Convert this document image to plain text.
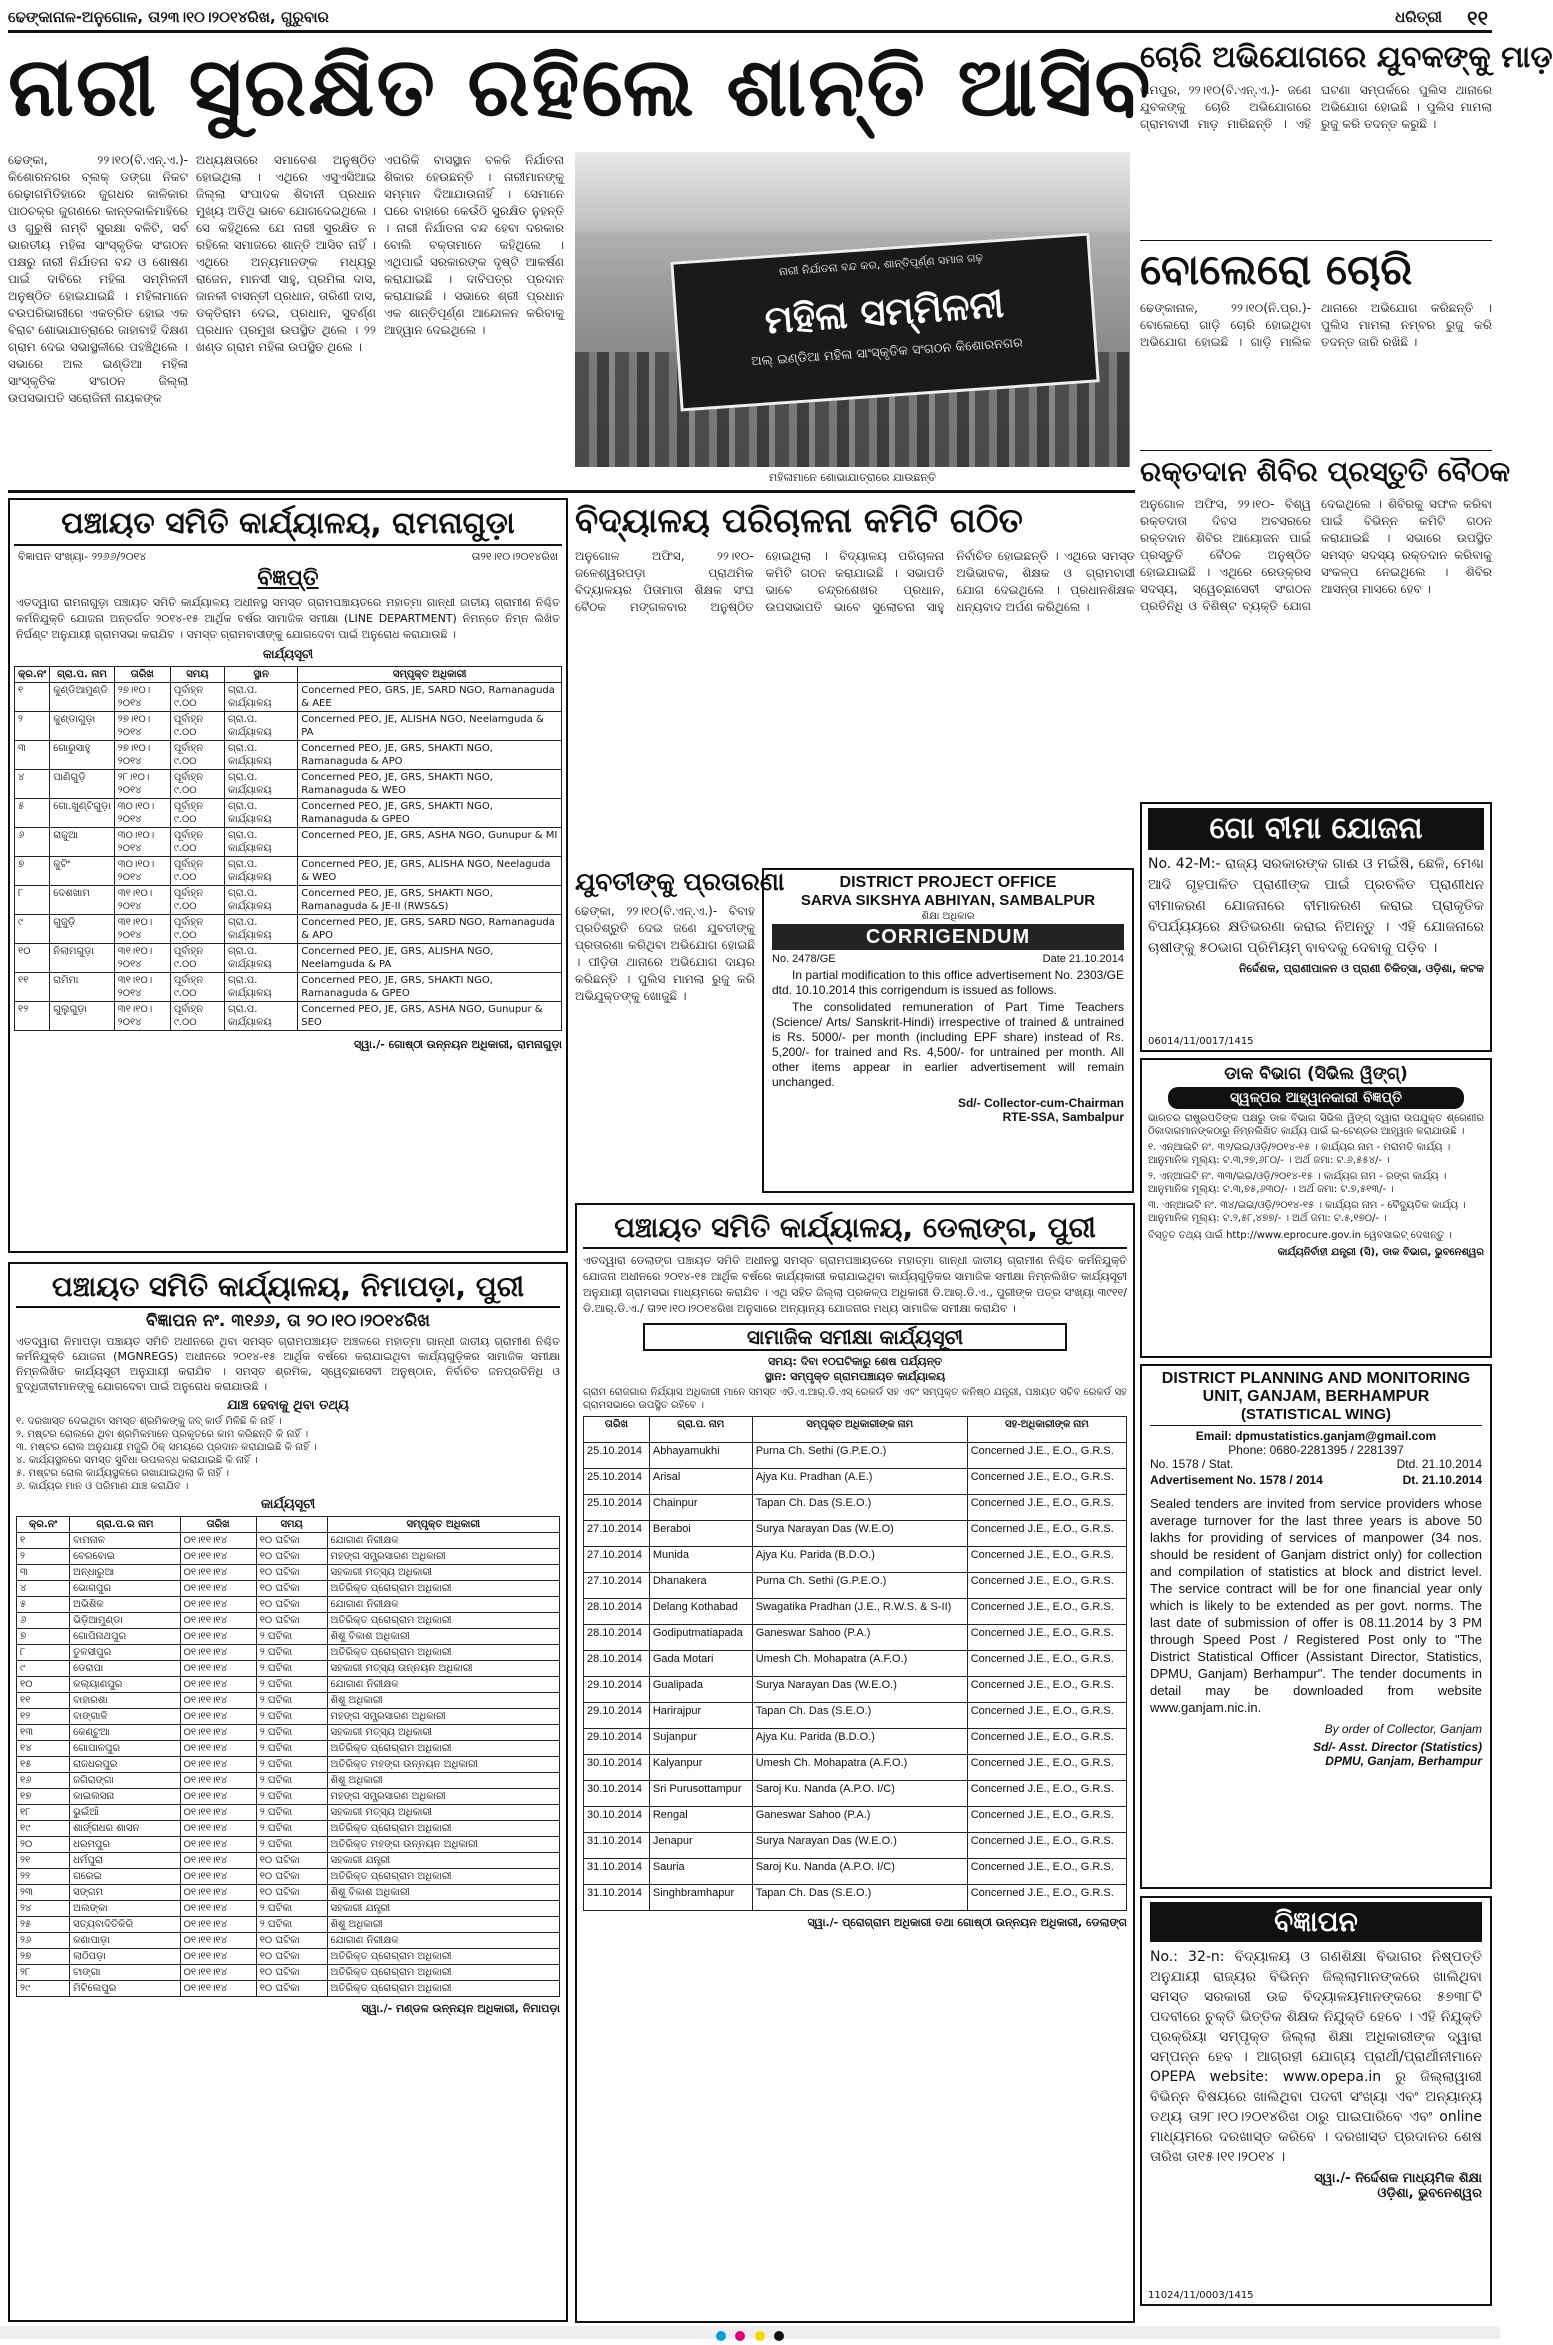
ଢେଙ୍କାନାଳ-ଅନୁଗୋଳ, ତା୨୩।୧୦।୨୦୧୪ରିଖ, ଗୁରୁବାର	ଧରିତ୍ରୀ ୧୧
ନାରୀ ସୁରକ୍ଷିତ ରହିଲେ ଶାନ୍ତି ଆସିବ
ଢେଙ୍କା, ୨୨।୧୦(ବି.ଏନ୍.ଏ.)- କିଶୋରନଗର ବ୍ଲକ୍ ଡଙ୍ଗା ନିକଟ ରେଢ଼ାଗମିତିହାରେ ଜୁଗଧର କାଳିକାର ପାଠଚକ୍ର ଜୁଗଣରେ କାନ୍ତକାକିମାହିରେ ଓ ଗୁରୁଷି ନାମ୍ବି ସୁରକ୍ଷା ବଳିଟି, ସର୍ବ ଭାରତୀୟ ମହିଳା ସାଂସ୍କୃତିକ ସଂଗଠନ ପକ୍ଷରୁ ନାରୀ ନିର୍ଯାତନା ବନ୍ଦ ଓ ଶୋଷଣ ପାଇଁ ଦାବିରେ ମହିଳା ସମ୍ମିଳନୀ ଅନୁଷ୍ଠିତ ହୋଇଯାଇଛି । ମହିଳାମାନେ ବଉପରିଭାରୀରେ ଏକତ୍ରିତ ହୋଇ ଏକ ବିରାଟ ଶୋଭାଯାତ୍ରାରେ ଜାହାବାହି ଦିକ୍ଷଣ ଗ୍ରାମ ଦେଇ ସଭାସ୍ଥଳୀରେ ପହଞ୍ଚିଥିଲେ । ସଭାରେ ଅଲ ଇଣ୍ଡିଆ ମହିଳା ସାଂସ୍କୃତିକ ସଂଗଠନ ଜିଲ୍ଲା ଉପସଭାପତି ସରୋଜିନୀ ନାୟକଙ୍କ
ଅଧ୍ୟକ୍ଷତାରେ ସମାବେଶ ଅନୁଷ୍ଠିତ ହୋଇଥିଲା । ଏଥିରେ ଏସୁଏସିଆଇ ଜିଲ୍ଲା ସଂପାଦକ ଶିବାନୀ ପ୍ରଧାନ ମୁଖ୍ୟ ଅତିଥି ଭାବେ ଯୋଗଦେଇଥିଲେ । ସେ କହିଥିଲେ ଯେ ନାରୀ ସୁରକ୍ଷିତ ନ ରହିଲେ ସମାଜରେ ଶାନ୍ତି ଆସିବ ନାହିଁ । ଏଥିରେ ଅନ୍ୟମାନଙ୍କ ମଧ୍ୟରୁ ରାଜେନ, ମାନସୀ ସାହୁ, ପ୍ରମିଳା ଦାସ, ଜାନକୀ ବାସନ୍ତୀ ପ୍ରଧାନ, ତାରିଣୀ ଦାସ, ଡକ୍ତିରାମ ଦେଇ, ପ୍ରଧାନ, ସୁବର୍ଣ୍ଣ ପ୍ରଧାନ ପ୍ରମୁଖ ଉପସ୍ଥିତ ଥିଲେ । ୨୨ ଖଣ୍ଡ ଗ୍ରାମ ମହିଳା ଉପସ୍ଥିତ ଥିଲେ ।
ଏପରିକି ବାସସ୍ଥାନ ବଳକି ନିର୍ଯାତନା ଶିକାର ହେଉଛନ୍ତି । ନାରୀମାନଙ୍କୁ ସମ୍ମାନ ଦିଆଯାଉନାହିଁ । ସେମାନେ ଘରେ ବାହାରେ କେଉଁଠି ସୁରକ୍ଷିତ ନୁହନ୍ତି । ନାରୀ ନିର୍ଯାତନା ବନ୍ଦ ହେବା ଦରକାର ବୋଲି ବକ୍ତାମାନେ କହିଥିଲେ । ଏଥିପାଇଁ ସରକାରଙ୍କ ଦୃଷ୍ଟି ଆକର୍ଷଣ କରାଯାଇଛି । ଦାବିପତ୍ର ପ୍ରଦାନ କରାଯାଇଛି । ସଭାରେ ଶ୍ରୀ ପ୍ରଧାନ ଏକ ଶାନ୍ତିପୂର୍ଣ୍ଣ ଆନ୍ଦୋଳନ କରିବାକୁ ଆହ୍ୱାନ ଦେଇଥିଲେ ।
ନାରୀ ନିର୍ଯାତନା ବନ୍ଦ କର, ଶାନ୍ତିପୂର୍ଣ୍ଣ ସମାଜ ଗଢ଼
ମହିଳା ସମ୍ମିଳନୀ
ଅଲ୍ ଇଣ୍ଡିଆ ମହିଳା ସାଂସ୍କୃତିକ ସଂଗଠନ କିଶୋରନଗର
ମହିଳାମାନେ ଶୋଭାଯାତ୍ରାରେ ଯାଉଛନ୍ତି
ଚୋରି ଅଭିଯୋଗରେ ଯୁବକଙ୍କୁ ମାଡ଼
ରାମପୁର, ୨୨।୧୦(ବି.ଏନ୍.ଏ.)- ଜଣେ ଯୁବକଙ୍କୁ ଚୋରି ଅଭିଯୋଗରେ ଗ୍ରାମବାସୀ ମାଡ଼ ମାରିଛନ୍ତି । ଏହି ଘଟଣା ସମ୍ପର୍କରେ ପୁଲିସ ଥାନାରେ ଅଭିଯୋଗ ହୋଇଛି । ପୁଲିସ ମାମଲା ରୁଜୁ କରି ତଦନ୍ତ କରୁଛି ।
ବୋଲେରୋ ଚୋରି
ଢେଙ୍କାନାଳ, ୨୨।୧୦(ନି.ପ୍ର.)- ବୋଲେରୋ ଗାଡ଼ି ଚୋରି ହୋଇଥିବା ଅଭିଯୋଗ ହୋଇଛି । ଗାଡ଼ି ମାଲିକ ଥାନାରେ ଅଭିଯୋଗ କରିଛନ୍ତି । ପୁଲିସ ମାମଲା ନମ୍ବର ରୁଜୁ କରି ତଦନ୍ତ ଜାରି ରଖିଛି ।
ରକ୍ତଦାନ ଶିବିର ପ୍ରସ୍ତୁତି ବୈଠକ
ଅନୁଗୋଳ ଅଫିସ, ୨୨।୧୦- ବିଶ୍ୱ ରକ୍ତଦାତା ଦିବସ ଅବସରରେ ରକ୍ତଦାନ ଶିବିର ଆୟୋଜନ ପାଇଁ ପ୍ରସ୍ତୁତି ବୈଠକ ଅନୁଷ୍ଠିତ ହୋଇଯାଇଛି । ଏଥିରେ ରେଡ୍‌କ୍ରସ ସଦସ୍ୟ, ସ୍ୱେଚ୍ଛାସେବୀ ସଂଗଠନ ପ୍ରତିନିଧି ଓ ବିଶିଷ୍ଟ ବ୍ୟକ୍ତି ଯୋଗ ଦେଇଥିଲେ । ଶିବିରକୁ ସଫଳ କରିବା ପାଇଁ ବିଭିନ୍ନ କମିଟି ଗଠନ କରାଯାଇଛି । ସଭାରେ ଉପସ୍ଥିତ ସମସ୍ତ ସଦସ୍ୟ ରକ୍ତଦାନ କରିବାକୁ ସଂକଳ୍ପ ନେଇଥିଲେ । ଶିବିର ଆସନ୍ତା ମାସରେ ହେବ ।
ପଞ୍ଚାୟତ ସମିତି କାର୍ଯ୍ୟାଳୟ, ରାମନାଗୁଡ଼ା
ବିଜ୍ଞାପନ ସଂଖ୍ୟା- ୨୨୬୬/୨୦୧୪	ତା୨୧।୧୦।୨୦୧୪ରିଖ
ବିଜ୍ଞପ୍ତି
ଏତଦ୍ୱାରା ରାମନାଗୁଡ଼ା ପଞ୍ଚାୟତ ସମିତି କାର୍ଯ୍ୟାଳୟ ଅଧୀନସ୍ଥ ସମସ୍ତ ଗ୍ରାମପଞ୍ଚାୟତରେ ମହାତ୍ମା ଗାନ୍ଧୀ ଜାତୀୟ ଗ୍ରାମୀଣ ନିଶ୍ଚିତ କର୍ମନିଯୁକ୍ତି ଯୋଜନା ଅନ୍ତର୍ଗତ ୨୦୧୪-୧୫ ଆର୍ଥିକ ବର୍ଷର ସାମାଜିକ ସମୀକ୍ଷା (LINE DEPARTMENT) ନିମନ୍ତେ ନିମ୍ନ ଲିଖିତ ନିର୍ଘଣ୍ଟ ଅନୁଯାୟୀ ଗ୍ରାମସଭା କରାଯିବ । ସମସ୍ତ ଗ୍ରାମବାସୀଙ୍କୁ ଯୋଗଦେବା ପାଇଁ ଅନୁରୋଧ କରାଯାଉଛି ।
କାର୍ଯ୍ୟସୂଚୀ
କ୍ର.ନଂ	ଗ୍ରା.ପ. ନାମ	ତାରିଖ	ସମୟ	ସ୍ଥାନ	ସମ୍ପୃକ୍ତ ଅଧିକାରୀ
୧	କୁଣ୍ଡିଆମୁଣ୍ଡି	୨୭।୧୦।୨୦୧୪	ପୂର୍ବାହ୍ନ ୯.୦୦	ଗ୍ରା.ପ. କାର୍ଯ୍ୟାଳୟ	Concerned PEO, GRS, JE, SARD NGO, Ramanaguda & AEE
୨	କୁଣ୍ଡାଗୁଡ଼ା	୨୭।୧୦।୨୦୧୪	ପୂର୍ବାହ୍ନ ୯.୦୦	ଗ୍ରା.ପ. କାର୍ଯ୍ୟାଳୟ	Concerned PEO, JE, ALISHA NGO, Neelamguda & PA
୩	ଗୋରୁସାହୁ	୨୭।୧୦।୨୦୧୪	ପୂର୍ବାହ୍ନ ୯.୦୦	ଗ୍ରା.ପ. କାର୍ଯ୍ୟାଳୟ	Concerned PEO, JE, GRS, SHAKTI NGO, Ramanaguda & APO
୪	ପାଣିଗୁଡ଼ି	୨୮।୧୦।୨୦୧୪	ପୂର୍ବାହ୍ନ ୯.୦୦	ଗ୍ରା.ପ. କାର୍ଯ୍ୟାଳୟ	Concerned PEO, JE, GRS, SHAKTI NGO, Ramanaguda & WEO
୫	ଗୋ.ଖୁଣ୍ଟିଗୁଡ଼ା	୩୦।୧୦।୨୦୧୪	ପୂର୍ବାହ୍ନ ୯.୦୦	ଗ୍ରା.ପ. କାର୍ଯ୍ୟାଳୟ	Concerned PEO, JE, GRS, SHAKTI NGO, Ramanaguda & GPEO
୬	ରାଜୁଆ	୩୦।୧୦।୨୦୧୪	ପୂର୍ବାହ୍ନ ୯.୦୦	ଗ୍ରା.ପ. କାର୍ଯ୍ୟାଳୟ	Concerned PEO, JE, GRS, ASHA NGO, Gunupur & MI
୭	କୁଟିଂ	୩୦।୧୦।୨୦୧୪	ପୂର୍ବାହ୍ନ ୯.୦୦	ଗ୍ରା.ପ. କାର୍ଯ୍ୟାଳୟ	Concerned PEO, JE, GRS, ALISHA NGO, Neelaguda & WEO
୮	ଦେଶଖାମ	୩୧।୧୦।୨୦୧୪	ପୂର୍ବାହ୍ନ ୯.୦୦	ଗ୍ରା.ପ. କାର୍ଯ୍ୟାଳୟ	Concerned PEO, JE, GRS, SHAKTI NGO, Ramanaguda & JE-II (RWS&S)
୯	ଗୁଜୁଡ଼ି	୩୧।୧୦।୨୦୧୪	ପୂର୍ବାହ୍ନ ୯.୦୦	ଗ୍ରା.ପ. କାର୍ଯ୍ୟାଳୟ	Concerned PEO, JE, GRS, SARD NGO, Ramanaguda & APO
୧୦	ନିଲାମଗୁଡ଼ା	୩୧।୧୦।୨୦୧୪	ପୂର୍ବାହ୍ନ ୯.୦୦	ଗ୍ରା.ପ. କାର୍ଯ୍ୟାଳୟ	Concerned PEO, JE, GRS, ALISHA NGO, Neelamguda & PA
୧୧	ରାମିମା	୩୧।୧୦।୨୦୧୪	ପୂର୍ବାହ୍ନ ୯.୦୦	ଗ୍ରା.ପ. କାର୍ଯ୍ୟାଳୟ	Concerned PEO, JE, GRS, SHAKTI NGO, Ramanaguda & GPEO
୧୨	ଗୁଲୁଗୁଡ଼ା	୩୧।୧୦।୨୦୧୪	ପୂର୍ବାହ୍ନ ୯.୦୦	ଗ୍ରା.ପ. କାର୍ଯ୍ୟାଳୟ	Concerned PEO, JE, GRS, ASHA NGO, Gunupur & SEO
ସ୍ୱା./- ଗୋଷ୍ଠୀ ଉନ୍ନୟନ ଅଧିକାରୀ, ରାମନାଗୁଡ଼ା
ବିଦ୍ୟାଳୟ ପରିଚାଳନା କମିଟି ଗଠିତ
ଅନୁଗୋଳ ଅଫିସ, ୨୨।୧୦- ଜଳେଶ୍ୱରପଡ଼ା ପ୍ରାଥମିକ ବିଦ୍ୟାଳୟର ପିତାମାତା ଶିକ୍ଷକ ସଂଘ ବୈଠକ ମଙ୍ଗଳବାର ଅନୁଷ୍ଠିତ ହୋଇଥିଲା । ବିଦ୍ୟାଳୟ ପରିଚାଳନା କମିଟି ଗଠନ କରାଯାଇଛି । ସଭାପତି ଭାବେ ଚନ୍ଦ୍ରଶେଖର ପ୍ରଧାନ, ଉପସଭାପତି ଭାବେ ସୁଲୋଚନା ସାହୁ ନିର୍ବାଚିତ ହୋଇଛନ୍ତି । ଏଥିରେ ସମସ୍ତ ଅଭିଭାବକ, ଶିକ୍ଷକ ଓ ଗ୍ରାମବାସୀ ଯୋଗ ଦେଇଥିଲେ । ପ୍ରଧାନଶିକ୍ଷକ ଧନ୍ୟବାଦ ଅର୍ପଣ କରିଥିଲେ ।
ଯୁବତୀଙ୍କୁ ପ୍ରତାରଣା
ଢେଙ୍କା, ୨୨।୧୦(ବି.ଏନ୍.ଏ.)- ବିବାହ ପ୍ରତିଶ୍ରୁତି ଦେଇ ଜଣେ ଯୁବତୀଙ୍କୁ ପ୍ରତାରଣା କରିଥିବା ଅଭିଯୋଗ ହୋଇଛି । ପୀଡ଼ିତା ଥାନାରେ ଅଭିଯୋଗ ଦାୟର କରିଛନ୍ତି । ପୁଲିସ ମାମଲା ରୁଜୁ କରି ଅଭିଯୁକ୍ତଙ୍କୁ ଖୋଜୁଛି ।
DISTRICT PROJECT OFFICE
SARVA SIKSHYA ABHIYAN, SAMBALPUR
ଶିକ୍ଷା ଅଧିକାର
CORRIGENDUM
No. 2478/GE	Date 21.10.2014
In partial modification to this office advertisement No. 2303/GE dtd. 10.10.2014 this corrigendum is issued as follows.
The consolidated remuneration of Part Time Teachers (Science/ Arts/ Sanskrit-Hindi) irrespective of trained & untrained is Rs. 5000/- per month (including EPF share) instead of Rs. 5,200/- for trained and Rs. 4,500/- for untrained per month. All other items appear in earlier advertisement will remain unchanged.
Sd/- Collector-cum-Chairman
RTE-SSA, Sambalpur
ଗୋ ବୀମା ଯୋଜନା
No. 42-M:- ରାଜ୍ୟ ସରକାରଙ୍କ ଗାଈ ଓ ମଇଁଷି, ଛେଳି, ମେଣ୍ଢା ଆଦି ଗୃହପାଳିତ ପ୍ରାଣୀଙ୍କ ପାଇଁ ପ୍ରଚଳିତ ପ୍ରାଣୀଧନ ବୀମାକରଣ ଯୋଜନାରେ ବୀମାକରଣ କରାଇ ପ୍ରାକୃତିକ ବିପର୍ଯ୍ୟୟରେ କ୍ଷତିଭରଣା କରାଇ ନିଅନ୍ତୁ । ଏହି ଯୋଜନାରେ ଚାଷୀଙ୍କୁ ୫୦ଭାଗ ପ୍ରିମିୟମ୍ ବାବଦକୁ ଦେବାକୁ ପଡ଼ିବ ।
ନିର୍ଦ୍ଦେଶକ, ପ୍ରାଣୀପାଳନ ଓ ପ୍ରାଣୀ ଚିକିତ୍ସା, ଓଡ଼ିଶା, କଟକ
06014/11/0017/1415
ଡାକ ବିଭାଗ (ସିଭିଲ ୱିଙ୍ଗ୍)
ସ୍ୱଳ୍ପର ଆହ୍ୱାନକାରୀ ବିଜ୍ଞପ୍ତି
ଭାରତର ରାଷ୍ଟ୍ରପତିଙ୍କ ପକ୍ଷରୁ ଡାକ ବିଭାଗ ସିଭିଲ ୱିଙ୍ଗ୍ ଦ୍ୱାରା ଉପଯୁକ୍ତ ଶ୍ରେଣୀର ଠିକାଦାରମାନଙ୍କଠାରୁ ନିମ୍ନଲିଖିତ କାର୍ଯ୍ୟ ପାଇଁ ଇ-ଟେଣ୍ଡର ଆହ୍ୱାନ କରାଯାଉଛି ।
୧. ଏନ୍‌ଆଇଟି ନଂ. ୩୨/ଇଇ/ଓଡ଼ି/୨୦୧୪-୧୫ । କାର୍ଯ୍ୟର ନାମ - ମରାମତି କାର୍ଯ୍ୟ । ଆନୁମାନିକ ମୂଲ୍ୟ: ଟ.୩,୨୭,୬୮୦/- । ଅର୍ଥ ଜମା: ଟ.୬,୫୫୪/- ।
୨. ଏନ୍‌ଆଇଟି ନଂ. ୩୩/ଇଇ/ଓଡ଼ି/୨୦୧୪-୧୫ । କାର୍ଯ୍ୟର ନାମ - ରଙ୍ଗ କାର୍ଯ୍ୟ । ଆନୁମାନିକ ମୂଲ୍ୟ: ଟ.୩,୭୫,୬୩୦/- । ଅର୍ଥ ଜମା: ଟ.୭,୫୧୩/- ।
୩. ଏନ୍‌ଆଇଟି ନଂ. ୩୪/ଇଇ/ଓଡ଼ି/୨୦୧୪-୧୫ । କାର୍ଯ୍ୟର ନାମ - ବୈଦ୍ୟୁତିକ କାର୍ଯ୍ୟ । ଆନୁମାନିକ ମୂଲ୍ୟ: ଟ.୨,୫୮,୪୭୭/- । ଅର୍ଥ ଜମା: ଟ.୫,୧୭୦/- ।
ବିସ୍ତୃତ ତଥ୍ୟ ପାଇଁ http://www.eprocure.gov.in ୱେବସାଇଟ୍ ଦେଖନ୍ତୁ ।
କାର୍ଯ୍ୟନିର୍ବାହୀ ଯନ୍ତ୍ରୀ (ସି), ଡାକ ବିଭାଗ, ଭୁବନେଶ୍ୱର
DISTRICT PLANNING AND MONITORING
UNIT, GANJAM, BERHAMPUR
(STATISTICAL WING)
Email: dpmustatistics.ganjam@gmail.com
Phone: 0680-2281395 / 2281397
No. 1578 / Stat.	Dtd. 21.10.2014
Advertisement No. 1578 / 2014	Dt. 21.10.2014
Sealed tenders are invited from service providers whose average turnover for the last three years is above 50 lakhs for providing of services of manpower (34 nos. should be resident of Ganjam district only) for collection and compilation of statistics at block and district level. The service contract will be for one financial year only which is likely to be extended as per govt. norms. The last date of submission of offer is 08.11.2014 by 3 PM through Speed Post / Registered Post only to "The District Statistical Officer (Assistant Director, Statistics, DPMU, Ganjam) Berhampur". The tender documents in detail may be downloaded from website www.ganjam.nic.in.
By order of Collector, Ganjam
Sd/- Asst. Director (Statistics)
DPMU, Ganjam, Berhampur
ବିଜ୍ଞାପନ
No.: 32-n: ବିଦ୍ୟାଳୟ ଓ ଗଣଶିକ୍ଷା ବିଭାଗର ନିଷ୍ପତ୍ତି ଅନୁଯାୟୀ ରାଜ୍ୟର ବିଭିନ୍ନ ଜିଲ୍ଲାମାନଙ୍କରେ ଖାଲିଥିବା ସମସ୍ତ ସରକାରୀ ଉଚ୍ଚ ବିଦ୍ୟାଳୟମାନଙ୍କରେ ୫୭୩୮ଟି ପଦବୀରେ ଚୁକ୍ତି ଭିତ୍ତିକ ଶିକ୍ଷକ ନିଯୁକ୍ତି ହେବେ । ଏହି ନିଯୁକ୍ତି ପ୍ରକ୍ରିୟା ସମ୍ପୃକ୍ତ ଜିଲ୍ଲା ଶିକ୍ଷା ଅଧିକାରୀଙ୍କ ଦ୍ୱାରା ସମ୍ପନ୍ନ ହେବ । ଆଗ୍ରହୀ ଯୋଗ୍ୟ ପ୍ରାର୍ଥୀ/ପ୍ରାର୍ଥୀନୀମାନେ OPEPA website: www.opepa.in ରୁ ଜିଲ୍ଲାୱାରୀ ବିଭିନ୍ନ ବିଷୟରେ ଖାଲିଥିବା ପଦବୀ ସଂଖ୍ୟା ଏବଂ ଅନ୍ୟାନ୍ୟ ତଥ୍ୟ ତା୨୮।୧୦।୨୦୧୪ରିଖ ଠାରୁ ପାଇପାରିବେ ଏବଂ online ମାଧ୍ୟମରେ ଦରଖାସ୍ତ କରିବେ । ଦରଖାସ୍ତ ପ୍ରଦାନର ଶେଷ ତାରିଖ ତା୧୫।୧୧।୨୦୧୪ ।
ସ୍ୱା./- ନିର୍ଦ୍ଦେଶକ ମାଧ୍ୟମିକ ଶିକ୍ଷା
ଓଡ଼ିଶା, ଭୁବନେଶ୍ୱର
11024/11/0003/1415
ପଞ୍ଚାୟତ ସମିତି କାର୍ଯ୍ୟାଳୟ, ନିମାପଡ଼ା, ପୁରୀ
ବିଜ୍ଞାପନ ନଂ. ୩୧୬୬, ତା ୨୦।୧୦।୨୦୧୪ରିଖ
ଏତଦ୍ୱାରା ନିମାପଡ଼ା ପଞ୍ଚାୟତ ସମିତି ଅଧୀନରେ ଥିବା ସମସ୍ତ ଗ୍ରାମପଞ୍ଚାୟତ ଅଞ୍ଚଳରେ ମହାତ୍ମା ଗାନ୍ଧୀ ଜାତୀୟ ଗ୍ରାମୀଣ ନିଶ୍ଚିତ କର୍ମନିଯୁକ୍ତି ଯୋଜନା (MGNREGS) ଅଧୀନରେ ୨୦୧୪-୧୫ ଆର୍ଥିକ ବର୍ଷରେ କରାଯାଇଥିବା କାର୍ଯ୍ୟଗୁଡ଼ିକର ସାମାଜିକ ସମୀକ୍ଷା ନିମ୍ନଲିଖିତ କାର୍ଯ୍ୟସୂଚୀ ଅନୁଯାୟୀ କରାଯିବ । ସମସ୍ତ ଶ୍ରମିକ, ସ୍ୱେଚ୍ଛାସେବୀ ଅନୁଷ୍ଠାନ, ନିର୍ବାଚିତ ଜନପ୍ରତିନିଧି ଓ ବୁଦ୍ଧିଜୀବୀମାନଙ୍କୁ ଯୋଗଦେବା ପାଇଁ ଅନୁରୋଧ କରାଯାଉଛି ।
ଯାଞ୍ଚ ହେବାକୁ ଥିବା ତଥ୍ୟ
୧. ଦରଖାସ୍ତ ଦେଇଥିବା ସମସ୍ତ ଶ୍ରମିକଙ୍କୁ ଜବ୍ କାର୍ଡ ମିଳିଛି କି ନାହିଁ ।
୨. ମଷ୍ଟର ରୋଲରେ ଥିବା ଶ୍ରମିକମାନେ ପ୍ରକୃତରେ କାମ କରିଛନ୍ତି କି ନାହିଁ ।
୩. ମଷ୍ଟର ରୋଲ ଅନୁଯାୟୀ ମଜୁରି ଠିକ୍ ସମୟରେ ପ୍ରଦାନ କରାଯାଇଛି କି ନାହିଁ ।
୪. କାର୍ଯ୍ୟସ୍ଥଳରେ ସମସ୍ତ ସୁବିଧା ଉପଲବ୍ଧ କରାଯାଇଛି କି ନାହିଁ ।
୫. ମଷ୍ଟର ରୋଲ କାର୍ଯ୍ୟସ୍ଥଳରେ ରଖାଯାଇଥିଲା କି ନାହିଁ ।
୬. କାର୍ଯ୍ୟର ମାନ ଓ ପରିମାଣ ଯାଞ୍ଚ କରାଯିବ ।
କାର୍ଯ୍ୟସୂଚୀ
କ୍ର.ନଂ	ଗ୍ରା.ପ.ର ନାମ	ତାରିଖ	ସମୟ	ସମ୍ପୃକ୍ତ ଅଧିକାରୀ
୧	ବାମନାଳ	୦୧।୧୧।୧୪	୧୦ ଘଟିକା	ଯୋଗାଣ ନିରୀକ୍ଷକ
୨	ବେରବୋଇ	୦୧।୧୧।୧୪	୧୦ ଘଟିକା	ମହଙ୍ଗ ସମ୍ପ୍ରସାରଣ ଅଧିକାରୀ
୩	ଅନ୍ଧାରୁଆ	୦୧।୧୧।୧୪	୧୦ ଘଟିକା	ସହକାରୀ ମତ୍ସ୍ୟ ଅଧିକାରୀ
୪	ଭୋଗପୁର	୦୧।୧୧।୧୪	୧୦ ଘଟିକା	ଅତିରିକ୍ତ ପ୍ରୋଗ୍ରାମ ଅଧିକାରୀ
୫	ଅଭିଶିକ	୦୧।୧୧।୧୪	୧୦ ଘଟିକା	ଯୋଗାଣ ନିରୀକ୍ଷକ
୬	ଭିଡ଼ିଆମୁଣ୍ଡା	୦୧।୧୧।୧୪	୧୦ ଘଟିକା	ଅତିରିକ୍ତ ପ୍ରୋଗ୍ରାମ ଅଧିକାରୀ
୭	ଗୋପିନାଥପୁର	୦୧।୧୧।୧୪	୨ ଘଟିକା	ଶିଶୁ ବିକାଶ ଅଧିକାରୀ
୮	ତୁଳସୀପୁର	୦୧।୧୧।୧୪	୨ ଘଟିକା	ଅତିରିକ୍ତ ପ୍ରୋଗ୍ରାମ ଅଧିକାରୀ
୯	ଡେରାପା	୦୧।୧୧।୧୪	୨ ଘଟିକା	ସହକାରୀ ମତ୍ସ୍ୟ ଉନ୍ନୟନ ଅଧିକାରୀ
୧୦	କଲ୍ୟାଣପୁର	୦୧।୧୧।୧୪	୨ ଘଟିକା	ଯୋଗାଣ ନିରୀକ୍ଷକ
୧୧	ବାହାରଶା	୦୧।୧୧।୧୪	୨ ଘଟିକା	ଶିଶୁ ଅଧିକାରୀ
୧୨	ବାଙ୍ଗାଳି	୦୧।୧୧।୧୪	୨ ଘଟିକା	ମହଙ୍ଗ ସମ୍ପ୍ରସାରଣ ଅଧିକାରୀ
୧୩	କେଣ୍ଟୁଆ	୦୧।୧୧।୧୪	୨ ଘଟିକା	ସହକାରୀ ମତ୍ସ୍ୟ ଅଧିକାରୀ
୧୪	ଗୋପାଳପୁର	୦୧।୧୧।୧୪	୨ ଘଟିକା	ଅତିରିକ୍ତ ପ୍ରୋଗ୍ରାମ ଅଧିକାରୀ
୧୫	ରାଜଧରପୁର	୦୧।୧୧।୧୪	୨ ଘଟିକା	ଅତିରିକ୍ତ ମହଙ୍ଗ ଉନ୍ନୟନ ଅଧିକାରୀ
୧୬	ଜଗିରାଙ୍ଗା	୦୧।୧୧।୧୪	୨ ଘଟିକା	ଶିଶୁ ଅଧିକାରୀ
୧୭	କାଇଲସନା	୦୧।୧୧।୧୪	୨ ଘଟିକା	ମହଙ୍ଗ ସମ୍ପ୍ରସାରଣ ଅଧିକାରୀ
୧୮	ଭୁଇଁଆଁ	୦୧।୧୧।୧୪	୨ ଘଟିକା	ସହକାରୀ ମତ୍ସ୍ୟ ଅଧିକାରୀ
୧୯	ଶାର୍ଙ୍ଗଧର ଶାସନ	୦୧।୧୧।୧୪	୨ ଘଟିକା	ଅତିରିକ୍ତ ପ୍ରୋଗ୍ରାମ ଅଧିକାରୀ
୨୦	ଧରମପୁର	୦୧।୧୧।୧୪	୨ ଘଟିକା	ଅତିରିକ୍ତ ମହଙ୍ଗ ଉନ୍ନୟନ ଅଧିକାରୀ
୨୧	ଧର୍ମପୁରା	୦୧।୧୧।୧୪	୧୦ ଘଟିକା	ସହକାରୀ ଯନ୍ତ୍ରୀ
୨୨	ଗରେଇ	୦୧।୧୧।୧୪	୧୦ ଘଟିକା	ଅତିରିକ୍ତ ପ୍ରୋଗ୍ରାମ ଅଧିକାରୀ
୨୩	ସଙ୍ଗମ	୦୧।୧୧।୧୪	୧୦ ଘଟିକା	ଶିଶୁ ବିକାଶ ଅଧିକାରୀ
୨୪	ଅଲଙ୍କା	୦୧।୧୧।୧୪	୨ ଘଟିକା	ସହକାରୀ ଯନ୍ତ୍ରୀ
୨୫	ସତ୍ୟବାଦିତିକିରି	୦୧।୧୧।୧୪	୨ ଘଟିକା	ଶିଶୁ ଅଧିକାରୀ
୨୬	କଣାପାଡ଼ା	୦୧।୧୧।୧୪	୧୦ ଘଟିକା	ଯୋଗାଣ ନିରୀକ୍ଷକ
୨୭	ଲାଠିପଡ଼ା	୦୧।୧୧।୧୪	୧୦ ଘଟିକା	ଅତିରିକ୍ତ ପ୍ରୋଗ୍ରାମ ଅଧିକାରୀ
୨୮	ଟାଙ୍ଗା	୦୧।୧୧।୧୪	୧୦ ଘଟିକା	ଅତିରିକ୍ତ ପ୍ରୋଗ୍ରାମ ଅଧିକାରୀ
୨୯	ମିଟିଲେପୁର	୦୧।୧୧।୧୪	୧୦ ଘଟିକା	ଅତିରିକ୍ତ ପ୍ରୋଗ୍ରାମ ଅଧିକାରୀ
ସ୍ୱା./- ମଣ୍ଡଳ ଉନ୍ନୟନ ଅଧିକାରୀ, ନିମାପଡ଼ା
ପଞ୍ଚାୟତ ସମିତି କାର୍ଯ୍ୟାଳୟ, ଡେଲାଙ୍ଗ, ପୁରୀ
ଏତଦ୍ୱାରା ଡେଲାଙ୍ଗ ପଞ୍ଚାୟତ ସମିତି ଅଧୀନସ୍ଥ ସମସ୍ତ ଗ୍ରାମପଞ୍ଚାୟତରେ ମହାତ୍ମା ଗାନ୍ଧୀ ଜାତୀୟ ଗ୍ରାମୀଣ ନିଶ୍ଚିତ କର୍ମନିଯୁକ୍ତି ଯୋଜନା ଅଧୀନରେ ୨୦୧୪-୧୫ ଆର୍ଥିକ ବର୍ଷରେ କାର୍ଯ୍ୟକାରୀ କରାଯାଇଥିବା କାର୍ଯ୍ୟଗୁଡ଼ିକର ସାମାଜିକ ସମୀକ୍ଷା ନିମ୍ନଲିଖିତ କାର୍ଯ୍ୟସୂଚୀ ଅନୁଯାୟୀ ଗ୍ରାମସଭା ମାଧ୍ୟମରେ କରାଯିବ । ଏଥି ସହିତ ଜିଲ୍ଲା ପ୍ରକଳ୍ପ ଅଧିକାରୀ ଡି.ଆର୍.ଡି.ଏ., ପୁରୀଙ୍କ ପତ୍ର ସଂଖ୍ୟା ୩୯୧୧/ଡି.ଆର୍.ଡି.ଏ./ ତା୨୧।୧୦।୨୦୧୪ରିଖ ଅନୁସାରେ ଅନ୍ୟାନ୍ୟ ଯୋଜନାର ମଧ୍ୟ ସାମାଜିକ ସମୀକ୍ଷା କରାଯିବ ।
ସାମାଜିକ ସମୀକ୍ଷା କାର୍ଯ୍ୟସୂଚୀ
ସମୟ: ଦିବା ୧୦ଘଟିକାରୁ ଶେଷ ପର୍ଯ୍ୟନ୍ତ
ସ୍ଥାନ: ସମ୍ପୃକ୍ତ ଗ୍ରାମପଞ୍ଚାୟତ କାର୍ଯ୍ୟାଳୟ
ଗ୍ରାମ ରୋଜଗାର ନିର୍ଯ୍ୟାସ ଅଧିକାରୀ ମାନେ ସମସ୍ତ ଏଡି.ଏ.ଆର୍.ଡି.ଏସ୍ ରେକର୍ଡ ସହ ଏବଂ ସମ୍ପୃକ୍ତ କନିଷ୍ଠ ଯନ୍ତ୍ରୀ, ପଞ୍ଚାୟତ ସଚିବ ରେକର୍ଡ ସହ ଗ୍ରାମସଭାରେ ଉପସ୍ଥିତ ରହିବେ ।
ତାରିଖ	ଗ୍ରା.ପ. ନାମ	ସମ୍ପୃକ୍ତ ଅଧିକାରୀଙ୍କ ନାମ	ସହ-ଅଧିକାରୀଙ୍କ ନାମ
25.10.2014	Abhayamukhi	Purna Ch. Sethi (G.P.E.O.)	Concerned J.E., E.O., G.R.S.
25.10.2014	Arisal	Ajya Ku. Pradhan (A.E.)	Concerned J.E., E.O., G.R.S.
25.10.2014	Chainpur	Tapan Ch. Das (S.E.O.)	Concerned J.E., E.O., G.R.S.
27.10.2014	Beraboi	Surya Narayan Das (W.E.O)	Concerned J.E., E.O., G.R.S.
27.10.2014	Munida	Ajya Ku. Parida (B.D.O.)	Concerned J.E., E.O., G.R.S.
27.10.2014	Dhanakera	Purna Ch. Sethi (G.P.E.O.)	Concerned J.E., E.O., G.R.S.
28.10.2014	Delang Kothabad	Swagatika Pradhan (J.E., R.W.S. & S-II)	Concerned J.E., E.O., G.R.S.
28.10.2014	Godiputmatiapada	Ganeswar Sahoo (P.A.)	Concerned J.E., E.O., G.R.S.
28.10.2014	Gada Motari	Umesh Ch. Mohapatra (A.F.O.)	Concerned J.E., E.O., G.R.S.
29.10.2014	Gualipada	Surya Narayan Das (W.E.O.)	Concerned J.E., E.O., G.R.S.
29.10.2014	Harirajpur	Tapan Ch. Das (S.E.O.)	Concerned J.E., E.O., G.R.S.
29.10.2014	Sujanpur	Ajya Ku. Parida (B.D.O.)	Concerned J.E., E.O., G.R.S.
30.10.2014	Kalyanpur	Umesh Ch. Mohapatra (A.F.O.)	Concerned J.E., E.O., G.R.S.
30.10.2014	Sri Purusottampur	Saroj Ku. Nanda (A.P.O. I/C)	Concerned J.E., E.O., G.R.S.
30.10.2014	Rengal	Ganeswar Sahoo (P.A.)	Concerned J.E., E.O., G.R.S.
31.10.2014	Jenapur	Surya Narayan Das (W.E.O.)	Concerned J.E., E.O., G.R.S.
31.10.2014	Sauria	Saroj Ku. Nanda (A.P.O. I/C)	Concerned J.E., E.O., G.R.S.
31.10.2014	Singhbramhapur	Tapan Ch. Das (S.E.O.)	Concerned J.E., E.O., G.R.S.
ସ୍ୱା./- ପ୍ରୋଗ୍ରାମ ଅଧିକାରୀ ତଥା ଗୋଷ୍ଠୀ ଉନ୍ନୟନ ଅଧିକାରୀ, ଡେଲାଙ୍ଗ
